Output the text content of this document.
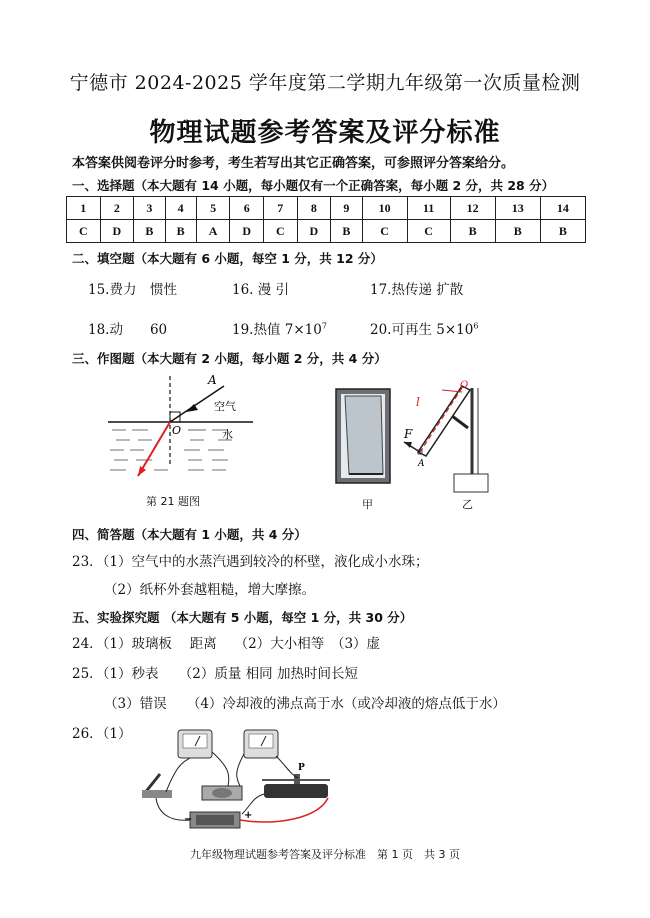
宁德市 2024-2025 学年度第二学期九年级第一次质量检测
物理试题参考答案及评分标准
本答案供阅卷评分时参考，考生若写出其它正确答案，可参照评分答案给分。
一、选择题（本大题有 14 小题，每小题仅有一个正确答案，每小题 2 分，共 28 分）
1	2	3	4	5	6	7	8	9	10	11	12	13	14
C	D	B	B	A	D	C	D	B	C	C	B	B	B
二、填空题（本大题有 6 小题，每空 1 分，共 12 分）
15.费力　惯性	16. 漫 引	17.热传递 扩散
18.动　　60	19.热值 $7\times 10^7$	20.可再生 $5\times 10^6$
三、作图题（本大题有 2 小题，每小题 2 分，共 4 分）
A
空气
O	水
第 21 题图	甲
l
O
F
A
乙
四、简答题（本大题有 1 小题，共 4 分）
23．（1）空气中的水蒸汽遇到较冷的杯壁，液化成小水珠；
（2）纸杯外套越粗糙，增大摩擦。
五、实验探究题 （本大题有 5 小题，每空 1 分，共 30 分）
24．（1）玻璃板　 距离　 （2）大小相等　（3）虚
25．（1）秒表　　（2）质量 相同 加热时间长短
（3）错误　　（4）冷却液的沸点高于水（或冷却液的熔点低于水）
26．（1）
P
−	+
九年级物理试题参考答案及评分标准　第 1 页　共 3 页
